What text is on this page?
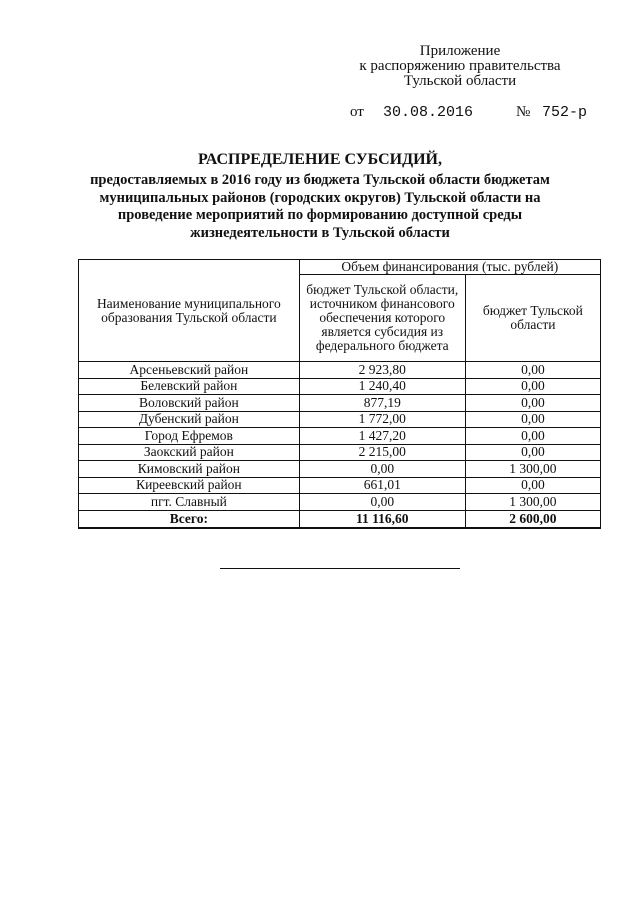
Приложение
к распоряжению правительства
Тульской области
от 30.08.2016	№ 752-р
РАСПРЕДЕЛЕНИЕ СУБСИДИЙ,
предоставляемых в 2016 году из бюджета Тульской области бюджетам муниципальных районов (городских округов) Тульской области на проведение мероприятий по формированию доступной среды жизнедеятельности в Тульской области
Наименование муниципального образования Тульской области	Объем финансирования (тыс. рублей)	
	бюджет Тульской области, источником финансового обеспечения которого является субсидия из федерального бюджета	бюджет Тульской области
Арсеньевский район	2 923,80	0,00
Белевский район	1 240,40	0,00
Воловский район	877,19	0,00
Дубенский район	1 772,00	0,00
Город Ефремов	1 427,20	0,00
Заокский район	2 215,00	0,00
Кимовский район	0,00	1 300,00
Киреевский район	661,01	0,00
пгт. Славный	0,00	1 300,00
Всего:	11 116,60	2 600,00
